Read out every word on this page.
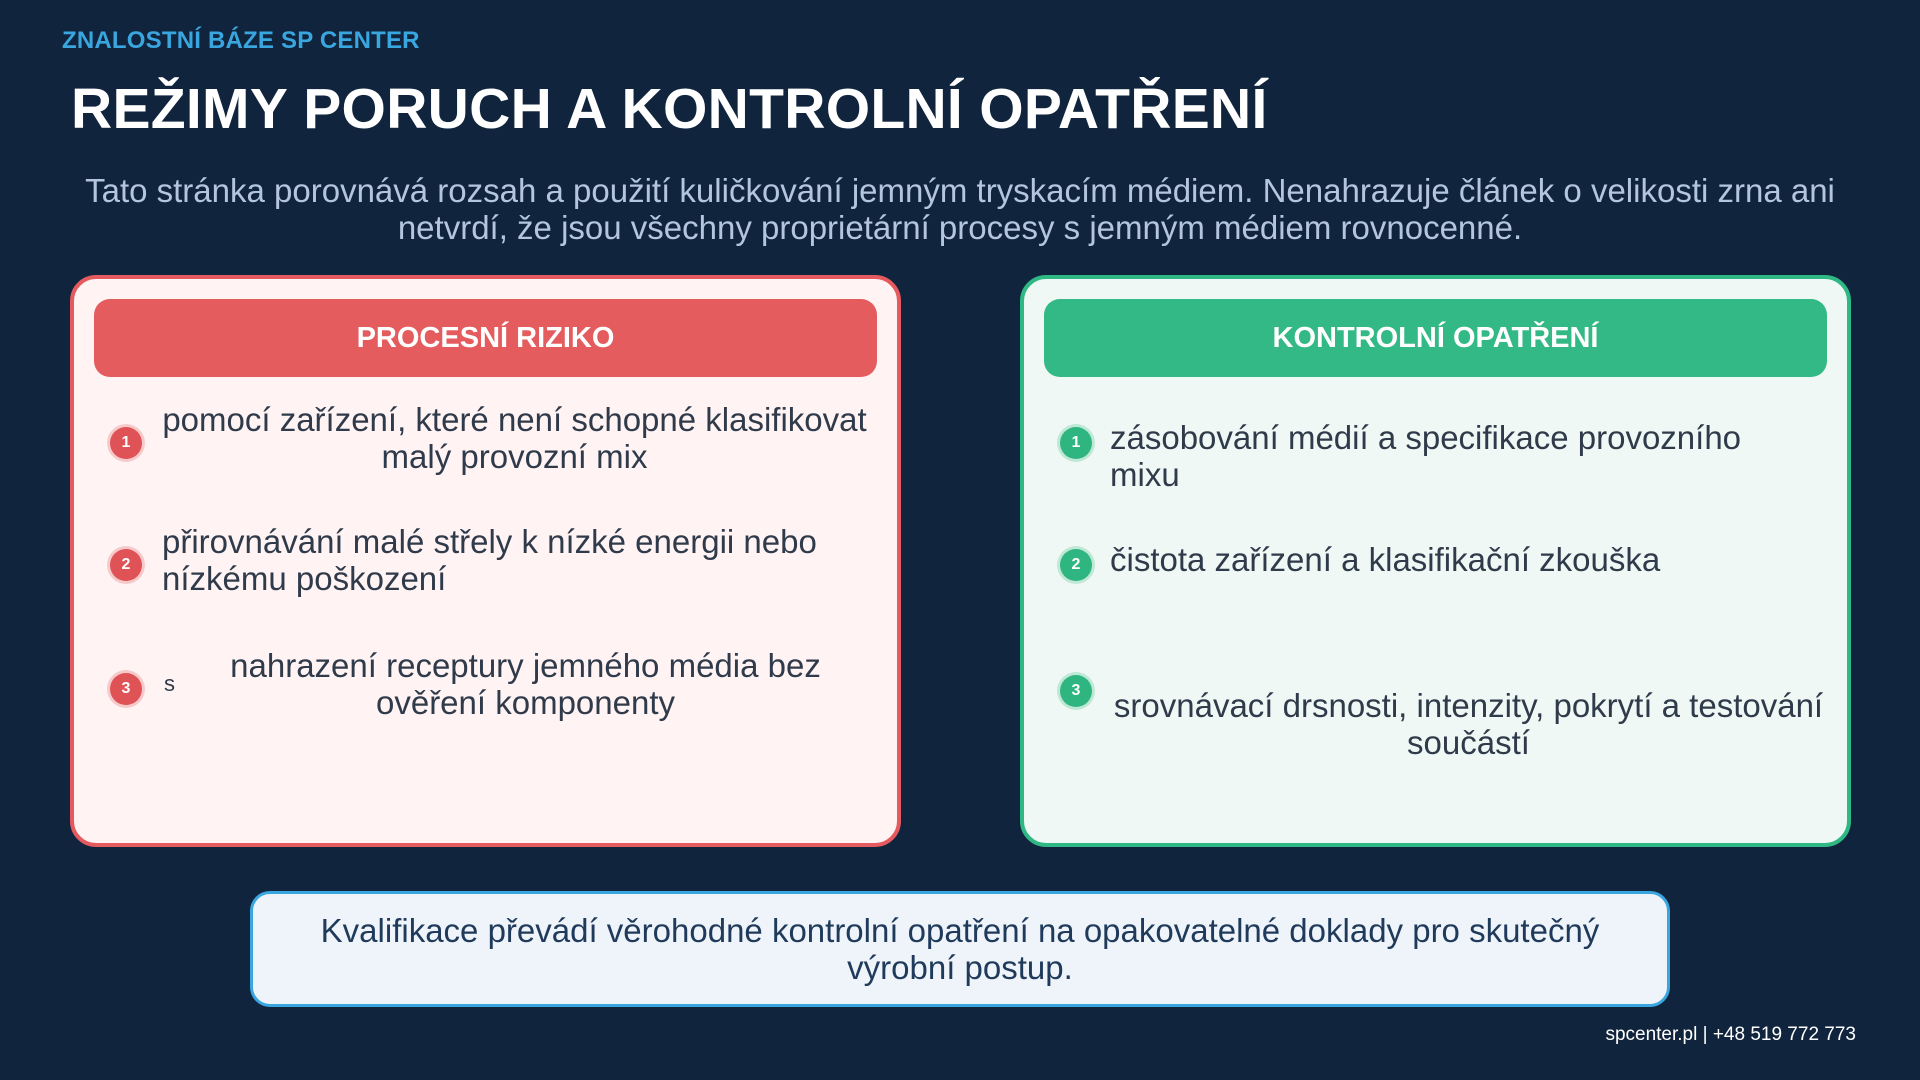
ZNALOSTNÍ BÁZE SP CENTER
REŽIMY PORUCH A KONTROLNÍ OPATŘENÍ
Tato stránka porovnává rozsah a použití kuličkování jemným tryskacím médiem. Nenahrazuje článek o velikosti zrna ani netvrdí, že jsou všechny proprietární procesy s jemným médiem rovnocenné.
PROCESNÍ RIZIKO
1
pomocí zařízení, které není schopné klasifikovat malý provozní mix
2
přirovnávání malé střely k nízké energii nebo nízkému poškození
3	s	nahrazení receptury jemného média bez ověření komponenty
KONTROLNÍ OPATŘENÍ
1 zásobování médií a specifikace provozního mixu
2 čistota zařízení a klasifikační zkouška
3	srovnávací drsnosti, intenzity, pokrytí a testování součástí
Kvalifikace převádí věrohodné kontrolní opatření na opakovatelné doklady pro skutečný výrobní postup.
spcenter.pl | +48 519 772 773
